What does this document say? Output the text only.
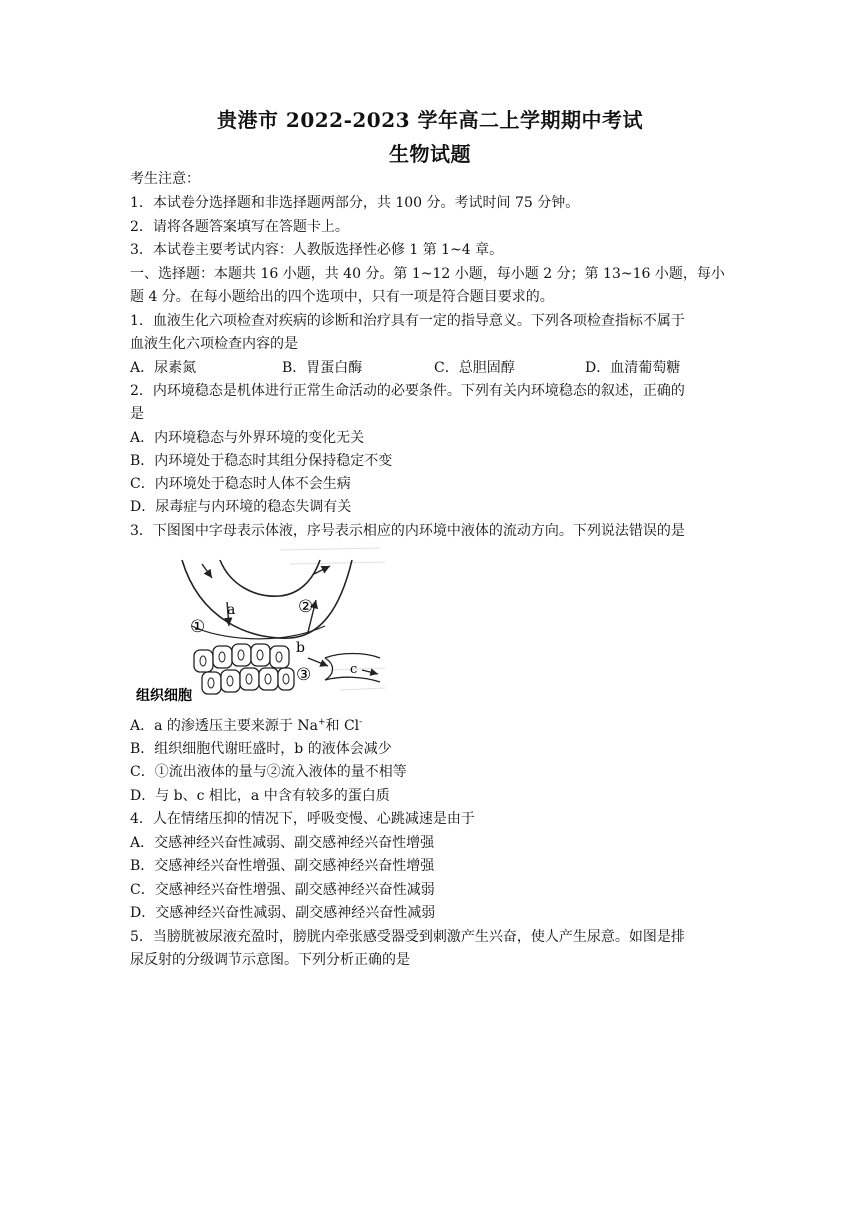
贵港市 2022-2023 学年高二上学期期中考试
生物试题
考生注意：
1．本试卷分选择题和非选择题两部分，共 100 分。考试时间 75 分钟。
2．请将各题答案填写在答题卡上。
3．本试卷主要考试内容：人教版选择性必修 1 第 1~4 章。
一、选择题：本题共 16 小题，共 40 分。第 1~12 小题，每小题 2 分；第 13~16 小题，每小
题 4 分。在每小题给出的四个选项中，只有一项是符合题目要求的。
1．血液生化六项检查对疾病的诊断和治疗具有一定的指导意义。下列各项检查指标不属于
血液生化六项检查内容的是
A．尿素氮	B．胃蛋白酶	C．总胆固醇	D．血清葡萄糖
2．内环境稳态是机体进行正常生命活动的必要条件。下列有关内环境稳态的叙述，正确的
是
A．内环境稳态与外界环境的变化无关
B．内环境处于稳态时其组分保持稳定不变
C．内环境处于稳态时人体不会生病
D．尿毒症与内环境的稳态失调有关
3．下图图中字母表示体液，序号表示相应的内环境中液体的流动方向。下列说法错误的是
a
①
②
b
③	c
组织细胞
A．a 的渗透压主要来源于 Na+和 Cl-
B．组织细胞代谢旺盛时，b 的液体会减少
C．①流出液体的量与②流入液体的量不相等
D．与 b、c 相比，a 中含有较多的蛋白质
4．人在情绪压抑的情况下，呼吸变慢、心跳减速是由于
A．交感神经兴奋性减弱、副交感神经兴奋性增强
B．交感神经兴奋性增强、副交感神经兴奋性增强
C．交感神经兴奋性增强、副交感神经兴奋性减弱
D．交感神经兴奋性减弱、副交感神经兴奋性减弱
5．当膀胱被尿液充盈时，膀胱内牵张感受器受到刺激产生兴奋，使人产生尿意。如图是排
尿反射的分级调节示意图。下列分析正确的是
